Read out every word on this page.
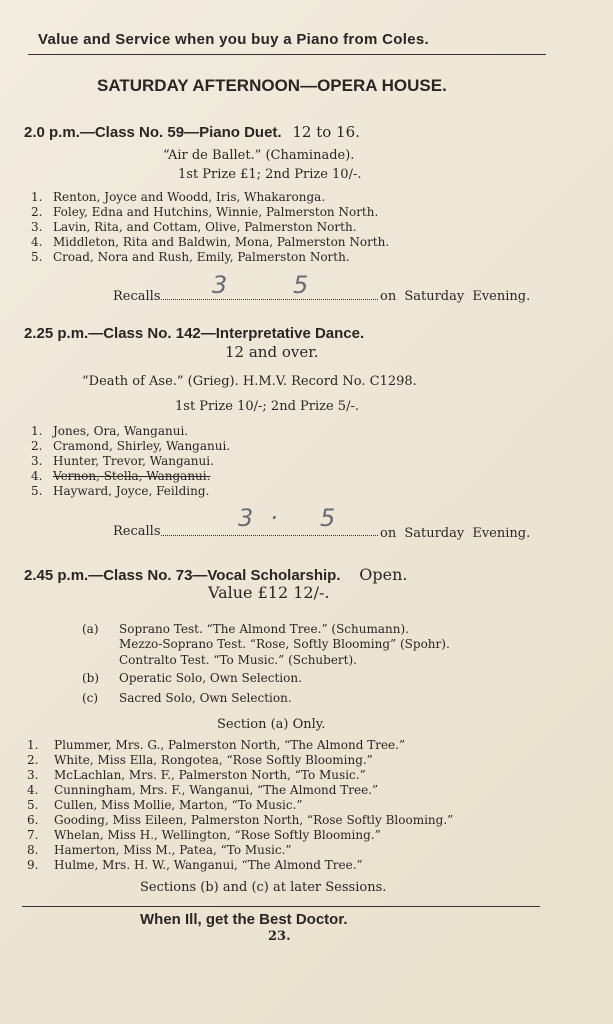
Value and Service when you buy a Piano from Coles.
SATURDAY AFTERNOON—OPERA HOUSE.
2.0 p.m.—Class No. 59—Piano Duet. 12 to 16.
“Air de Ballet.” (Chaminade).
1st Prize £1; 2nd Prize 10/-.
1. Renton, Joyce and Woodd, Iris, Whakaronga.
2. Foley, Edna and Hutchins, Winnie, Palmerston North.
3. Lavin, Rita, and Cottam, Olive, Palmerston North.
4. Middleton, Rita and Baldwin, Mona, Palmerston North.
5. Croad, Nora and Rush, Emily, Palmerston North.
Recalls 3	5	on Saturday Evening.
2.25 p.m.—Class No. 142—Interpretative Dance.
12 and over.
“Death of Ase.” (Grieg). H.M.V. Record No. C1298.
1st Prize 10/-; 2nd Prize 5/-.
1. Jones, Ora, Wanganui.
2. Cramond, Shirley, Wanganui.
3. Hunter, Trevor, Wanganui.
4. Vernon, Stella, Wanganui.
5. Hayward, Joyce, Feilding.
Recalls	3 · 5
on Saturday Evening.
2.45 p.m.—Class No. 73—Vocal Scholarship. Open.
Value £12 12/-.
(a) Soprano Test. “The Almond Tree.” (Schumann).
Mezzo-Soprano Test. “Rose, Softly Blooming” (Spohr).
Contralto Test. “To Music.” (Schubert).
(b) Operatic Solo, Own Selection.
(c) Sacred Solo, Own Selection.
Section (a) Only.
1. Plummer, Mrs. G., Palmerston North, “The Almond Tree.”
2. White, Miss Ella, Rongotea, “Rose Softly Blooming.”
3. McLachlan, Mrs. F., Palmerston North, “To Music.”
4. Cunningham, Mrs. F., Wanganui, “The Almond Tree.”
5. Cullen, Miss Mollie, Marton, “To Music.”
6. Gooding, Miss Eileen, Palmerston North, “Rose Softly Blooming.”
7. Whelan, Miss H., Wellington, “Rose Softly Blooming.”
8. Hamerton, Miss M., Patea, “To Music.”
9. Hulme, Mrs. H. W., Wanganui, “The Almond Tree.”
Sections (b) and (c) at later Sessions.
When Ill, get the Best Doctor.
23.
